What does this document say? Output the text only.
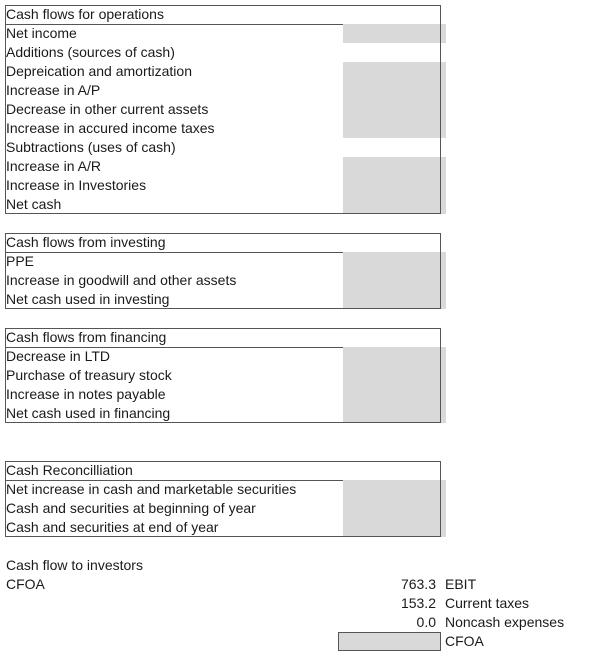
Cash flows for operations
Net income
Additions (sources of cash)
Depreication and amortization
Increase in A/P
Decrease in other current assets
Increase in accured income taxes
Subtractions (uses of cash)
Increase in A/R
Increase in Investories
Net cash
Cash flows from investing
PPE
Increase in goodwill and other assets
Net cash used in investing
Cash flows from financing
Decrease in LTD
Purchase of treasury stock
Increase in notes payable
Net cash used in financing
Cash Reconcilliation
Net increase in cash and marketable securities
Cash and securities at beginning of year
Cash and securities at end of year
Cash flow to investors
CFOA	763.3 EBIT
153.2 Current taxes
0.0 Noncash expenses
CFOA
